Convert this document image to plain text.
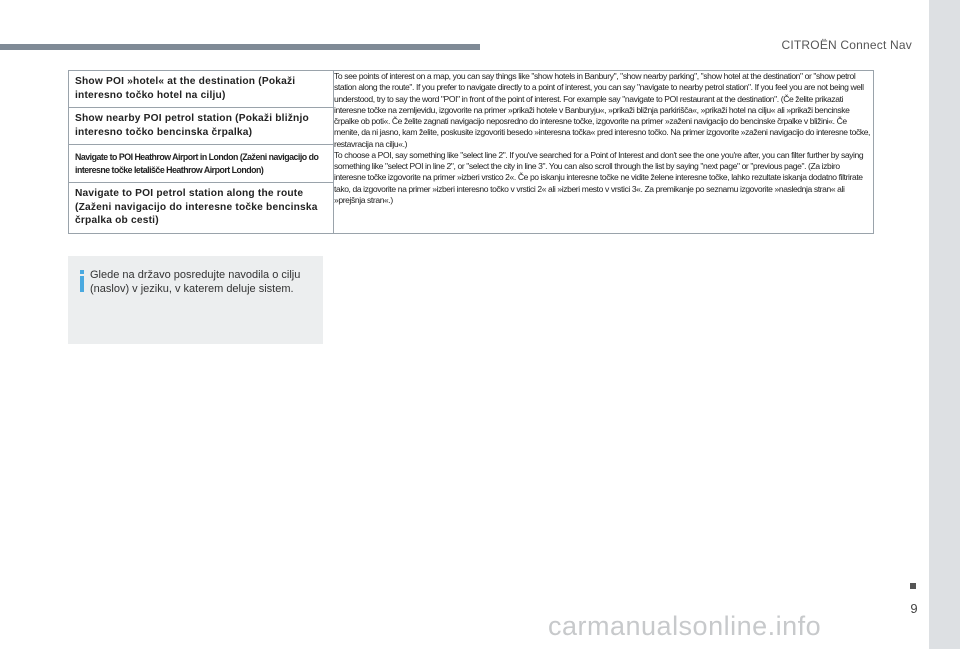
CITROËN Connect Nav
Show POI »hotel« at the destination (Pokaži interesno točko hotel na cilju)
Show nearby POI petrol station (Pokaži bližnjo interesno točko bencinska črpalka)
Navigate to POI Heathrow Airport in London (Zaženi navigacijo do interesne točke letališče Heathrow Airport London)
Navigate to POI petrol station along the route (Zaženi navigacijo do interesne točke bencinska črpalka ob cesti)

To see points of interest on a map, you can say things like "show hotels in Banbury", "show nearby parking", "show hotel at the destination" or "show petrol station along the route". If you prefer to navigate directly to a point of interest, you can say "navigate to nearby petrol station". If you feel you are not being well understood, try to say the word "POI" in front of the point of interest. For example say "navigate to POI restaurant at the destination". (Če želite prikazati interesne točke na zemljevidu, izgovorite na primer »prikaži hotele v Banburyju«, »prikaži bližnja parkirišča«, »prikaži hotel na cilju« ali »prikaži bencinske črpalke ob poti«. Če želite zagnati navigacijo neposredno do interesne točke, izgovorite na primer »zaženi navigacijo do bencinske črpalke v bližini«. Če menite, da ni jasno, kam želite, poskusite izgovoriti besedo »interesna točka« pred interesno točko. Na primer izgovorite »zaženi navigacijo do interesne točke, restavracija na cilju«.)

To choose a POI, say something like "select line 2". If you've searched for a Point of Interest and don't see the one you're after, you can filter further by saying something like "select POI in line 2", or "select the city in line 3". You can also scroll through the list by saying "next page" or "previous page". (Za izbiro interesne točke izgovorite na primer »izberi vrstico 2«. Če po iskanju interesne točke ne vidite želene interesne točke, lahko rezultate iskanja dodatno filtrirate tako, da izgovorite na primer »izberi interesno točko v vrstici 2« ali »izberi mesto v vrstici 3«. Za premikanje po seznamu izgovorite »naslednja stran« ali »prejšnja stran«.)

Glede na državo posredujte navodila o cilju (naslov) v jeziku, v katerem deluje sistem.
9
carmanualsonline.info
